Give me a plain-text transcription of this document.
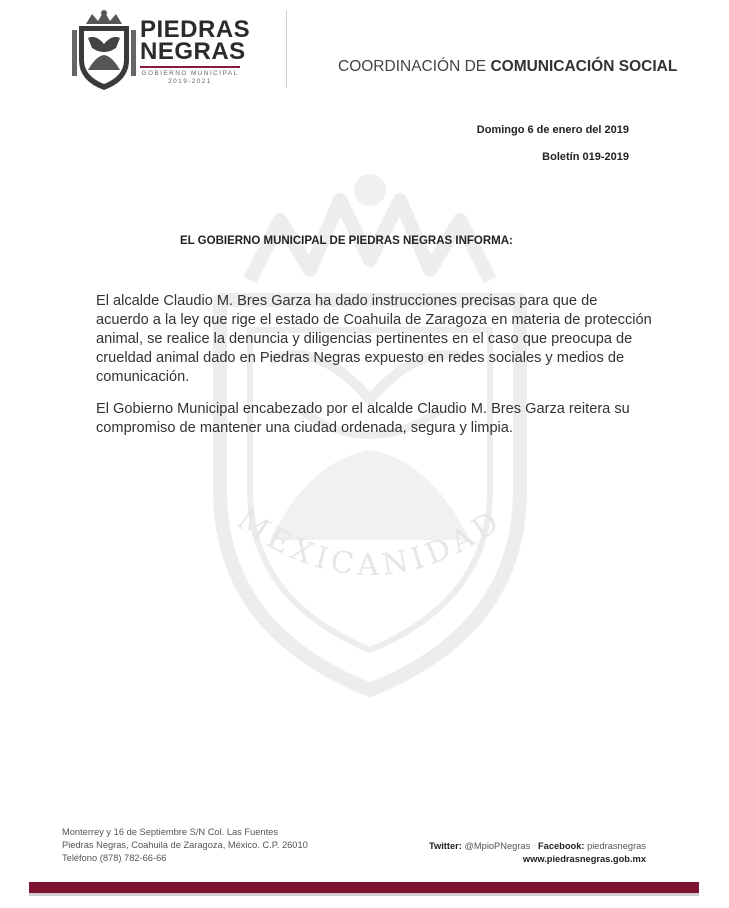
MEXICANIDAD
PIEDRAS
NEGRAS
GOBIERNO MUNICIPAL
2019-2021
COORDINACIÓN DE COMUNICACIÓN SOCIAL
Domingo 6 de enero del 2019
Boletín 019-2019
EL GOBIERNO MUNICIPAL DE PIEDRAS NEGRAS INFORMA:

El alcalde Claudio M. Bres Garza ha dado instrucciones precisas para que de acuerdo a la ley que rige el estado de Coahuila de Zaragoza en materia de protección animal, se realice la denuncia y diligencias pertinentes en el caso que preocupa de crueldad animal dado en Piedras Negras expuesto en redes sociales y medios de comunicación.

El Gobierno Municipal encabezado por el alcalde Claudio M. Bres Garza reitera su compromiso de mantener una ciudad ordenada, segura y limpia.

Monterrey y 16 de Septiembre S/N Col. Las Fuentes
Piedras Negras, Coahuila de Zaragoza, México. C.P. 26010
Teléfono (878) 782-66-66
Twitter: @MpioPNegras Facebook: piedrasnegras
www.piedrasnegras.gob.mx
